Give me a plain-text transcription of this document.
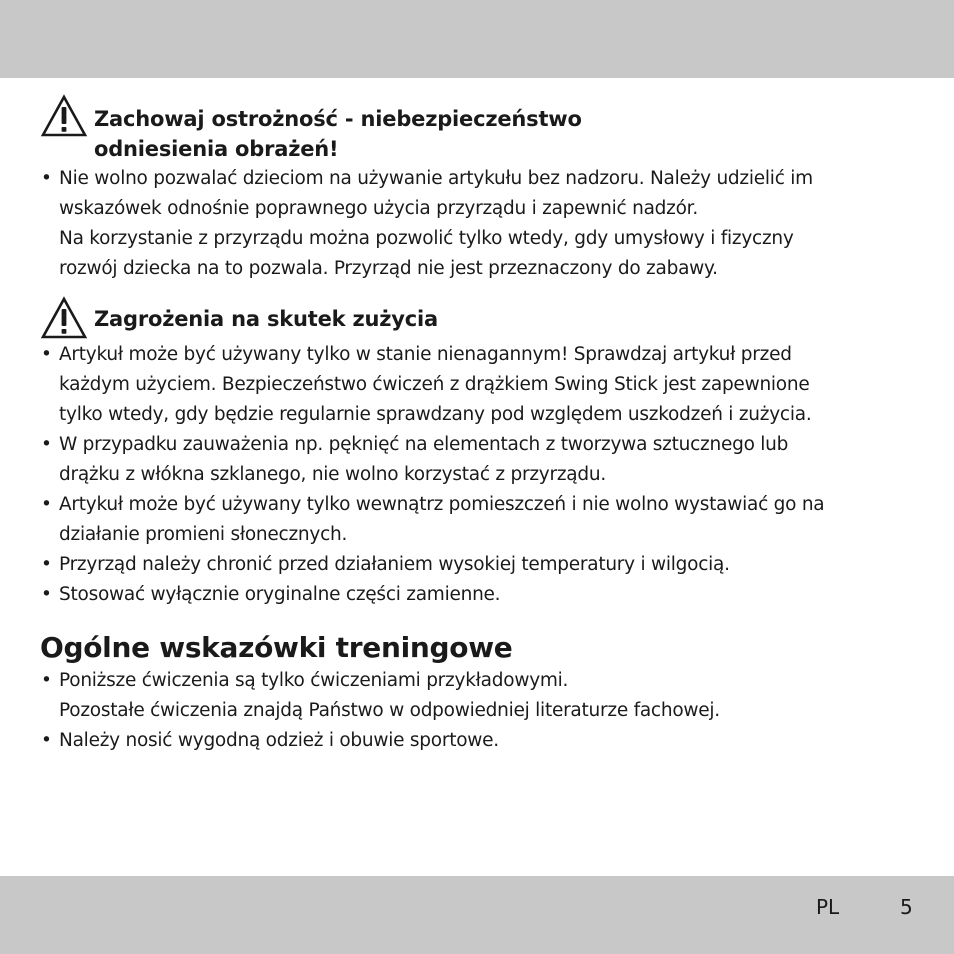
Zachowaj ostrożność - niebezpieczeństwo
odniesienia obrażeń!
• Nie wolno pozwalać dzieciom na używanie artykułu bez nadzoru. Należy udzielić im
wskazówek odnośnie poprawnego użycia przyrządu i zapewnić nadzór.
Na korzystanie z przyrządu można pozwolić tylko wtedy, gdy umysłowy i fizyczny
rozwój dziecka na to pozwala. Przyrząd nie jest przeznaczony do zabawy.
Zagrożenia na skutek zużycia
• Artykuł może być używany tylko w stanie nienagannym! Sprawdzaj artykuł przed
każdym użyciem. Bezpieczeństwo ćwiczeń z drążkiem Swing Stick jest zapewnione
tylko wtedy, gdy będzie regularnie sprawdzany pod względem uszkodzeń i zużycia.
• W przypadku zauważenia np. pęknięć na elementach z tworzywa sztucznego lub
drążku z włókna szklanego, nie wolno korzystać z przyrządu.
• Artykuł może być używany tylko wewnątrz pomieszczeń i nie wolno wystawiać go na
działanie promieni słonecznych.
• Przyrząd należy chronić przed działaniem wysokiej temperatury i wilgocią.
• Stosować wyłącznie oryginalne części zamienne.
Ogólne wskazówki treningowe
• Poniższe ćwiczenia są tylko ćwiczeniami przykładowymi.
Pozostałe ćwiczenia znajdą Państwo w odpowiedniej literaturze fachowej.
• Należy nosić wygodną odzież i obuwie sportowe.
PL	5
